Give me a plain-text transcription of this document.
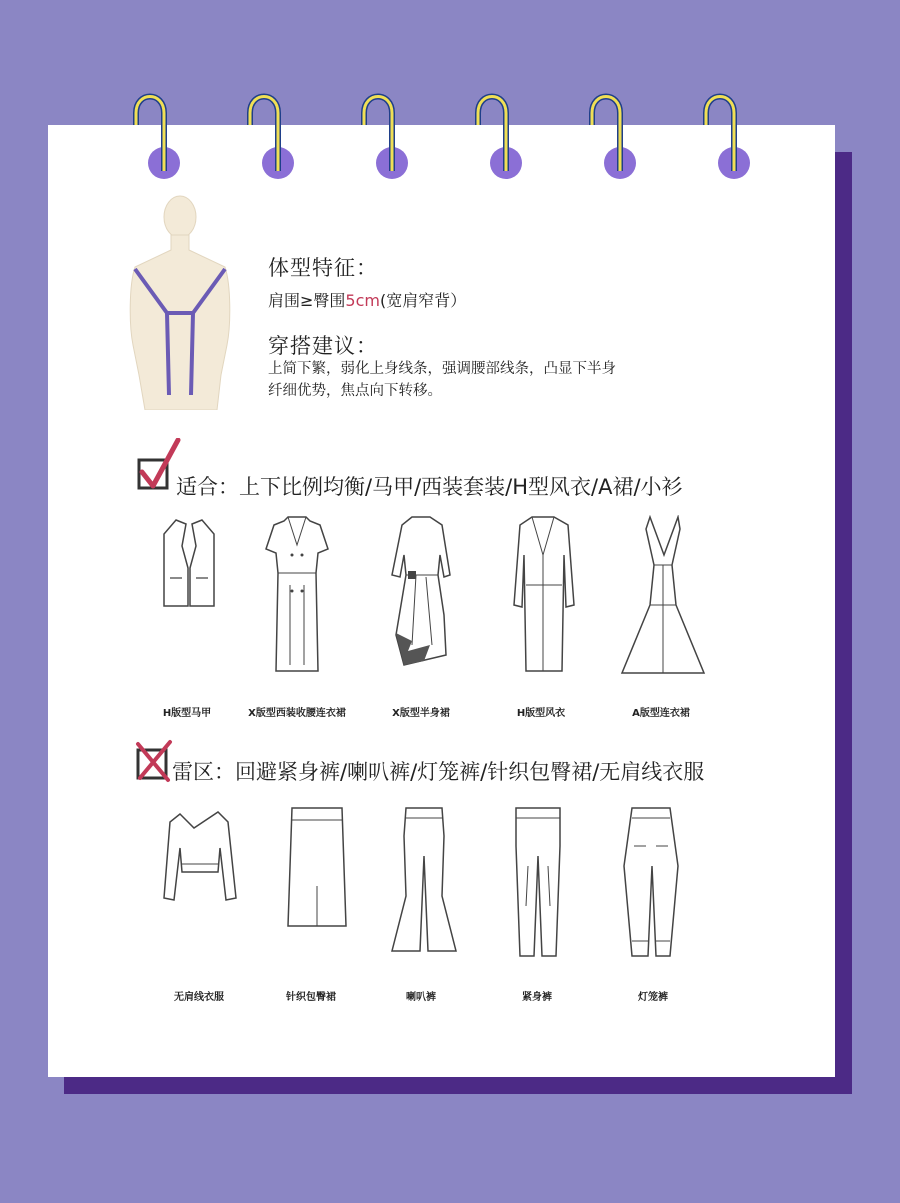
体型特征：
肩围≥臀围5cm(宽肩窄背）
穿搭建议：
上简下繁，弱化上身线条，强调腰部线条，凸显下半身
纤细优势，焦点向下转移。
适合：上下比例均衡/马甲/西装套装/H型风衣/A裙/小衫
H版型马甲	X版型西装收腰连衣裙	X版型半身裙	H版型风衣	A版型连衣裙
雷区：回避紧身裤/喇叭裤/灯笼裤/针织包臀裙/无肩线衣服
无肩线衣服	针织包臀裙	喇叭裤	紧身裤	灯笼裤
